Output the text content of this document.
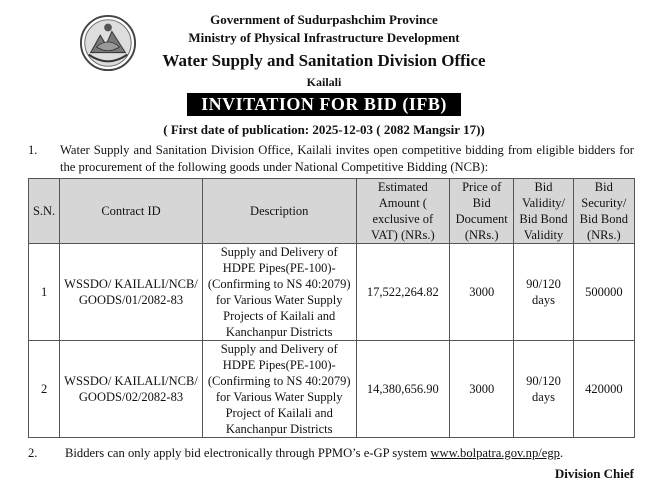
Government of Sudurpashchim Province
Ministry of Physical Infrastructure Development
Water Supply and Sanitation Division Office
Kailali
INVITATION FOR BID (IFB)
( First date of publication: 2025-12-03 ( 2082 Mangsir 17))
1. Water Supply and Sanitation Division Office, Kailali invites open competitive bidding from eligible bidders for the procurement of the following goods under National Competitive Bidding (NCB):
S.N.	Contract ID	Description	Estimated Amount ( exclusive of VAT) (NRs.)	Price of Bid Document (NRs.)	Bid Validity/ Bid Bond Validity	Bid Security/ Bid Bond (NRs.)
1	WSSDO/ KAILALI/NCB/ GOODS/01/2082-83	Supply and Delivery of HDPE Pipes(PE-100)-(Confirming to NS 40:2079) for Various Water Supply Projects of Kailali and Kanchanpur Districts	17,522,264.82	3000	90/120 days	500000
2	WSSDO/ KAILALI/NCB/ GOODS/02/2082-83	Supply and Delivery of HDPE Pipes(PE-100)-(Confirming to NS 40:2079) for Various Water Supply Project of Kailali and Kanchanpur Districts	14,380,656.90	3000	90/120 days	420000
2. Bidders can only apply bid electronically through PPMO’s e-GP system www.bolpatra.gov.np/egp.
Division Chief
